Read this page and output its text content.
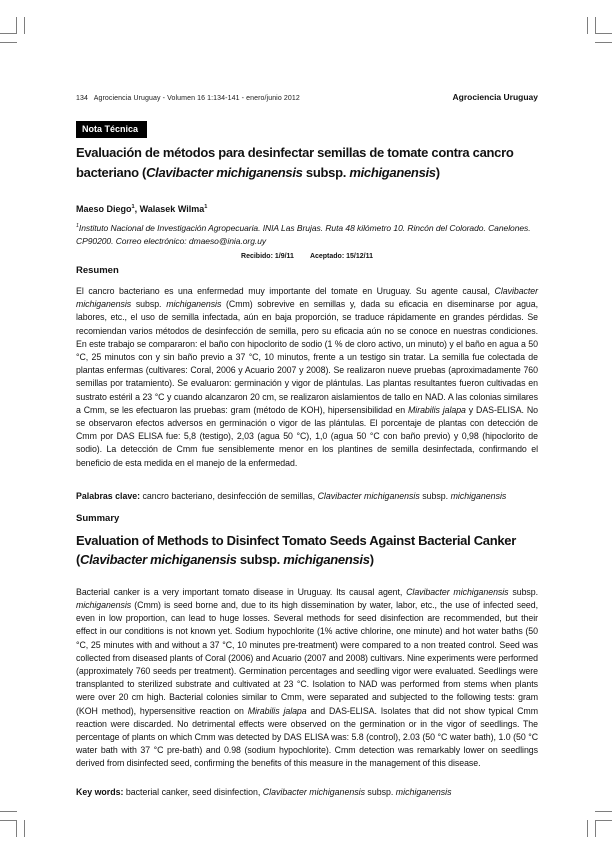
134   Agrociencia Uruguay - Volumen 16 1:134-141 - enero/junio 2012	Agrociencia Uruguay
Nota Técnica
Evaluación de métodos para desinfectar semillas de tomate contra cancro bacteriano (Clavibacter michiganensis subsp. michiganensis)
Maeso Diego$^1$, Walasek Wilma$^1$
$^1$Instituto Nacional de Investigación Agropecuaria. INIA Las Brujas. Ruta 48 kilómetro 10. Rincón del Colorado. Canelones. CP90200. Correo electrónico: dmaeso@inia.org.uy
Recibido: 1/9/11 Aceptado: 15/12/11
Resumen

El cancro bacteriano es una enfermedad muy importante del tomate en Uruguay. Su agente causal, Clavibacter michiganensis subsp. michiganensis (Cmm) sobrevive en semillas y, dada su eficacia en diseminarse por agua, labores, etc., el uso de semilla infectada, aún en baja proporción, se traduce rápidamente en grandes pérdidas. Se recomiendan varios métodos de desinfección de semilla, pero su eficacia aún no se conoce en nuestras condiciones. En este trabajo se compararon: el baño con hipoclorito de sodio (1 % de cloro activo, un minuto) y el baño en agua a 50 °C, 25 minutos con y sin baño previo a 37 °C, 10 minutos, frente a un testigo sin tratar. La semilla fue colectada de plantas enfermas (cultivares: Coral, 2006 y Acuario 2007 y 2008). Se realizaron nueve pruebas (aproximadamente 760 semillas por tratamiento). Se evaluaron: germinación y vigor de plántulas. Las plantas resultantes fueron cultivadas en sustrato estéril a 23 °C y cuando alcanzaron 20 cm, se realizaron aislamientos de tallo en NAD. A las colonias similares a Cmm, se les efectuaron las pruebas: gram (método de KOH), hipersensibilidad en Mirabilis jalapa y DAS-ELISA. No se observaron efectos adversos en germinación o vigor de las plántulas. El porcentaje de plantas con detección de Cmm por DAS ELISA fue: 5,8 (testigo), 2,03 (agua 50 °C), 1,0 (agua 50 °C con baño previo) y 0,98 (hipoclorito de sodio). La detección de Cmm fue sensiblemente menor en los plantines de semilla desinfectada, confirmando el beneficio de esta medida en el manejo de la enfermedad.

Palabras clave: cancro bacteriano, desinfección de semillas, Clavibacter michiganensis subsp. michiganensis
Summary
Evaluation of Methods to Disinfect Tomato Seeds Against Bacterial Canker (Clavibacter michiganensis subsp. michiganensis)

Bacterial canker is a very important tomato disease in Uruguay. Its causal agent, Clavibacter michiganensis subsp. michiganensis (Cmm) is seed borne and, due to its high dissemination by water, labor, etc., the use of infected seed, even in low proportion, can lead to huge losses. Several methods for seed disinfection are recommended, but their effect in our conditions is not known yet. Sodium hypochlorite (1% active chlorine, one minute) and hot water baths (50 °C, 25 minutes with and without a 37 °C, 10 minutes pre-treatment) were compared to a non treated control. Seed was collected from diseased plants of Coral (2006) and Acuario (2007 and 2008) cultivars. Nine experiments were performed (approximately 760 seeds per treatment). Germination percentages and seedling vigor were evaluated. Seedlings were transplanted to sterilized substrate and cultivated at 23 °C. Isolation to NAD was performed from stems when plants were over 20 cm high. Bacterial colonies similar to Cmm, were separated and subjected to the following tests: gram (KOH method), hypersensitive reaction on Mirabilis jalapa and DAS-ELISA. Isolates that did not show typical Cmm reaction were discarded. No detrimental effects were observed on the germination or in the vigor of seedlings. The percentage of plants on which Cmm was detected by DAS ELISA was: 5.8 (control), 2.03 (50 °C water bath), 1.0 (50 °C water bath with 37 °C pre-bath) and 0.98 (sodium hypochlorite). Cmm detection was remarkably lower on seedlings derived from disinfected seed, confirming the benefits of this measure in the management of this disease.

Key words: bacterial canker, seed disinfection, Clavibacter michiganensis subsp. michiganensis
